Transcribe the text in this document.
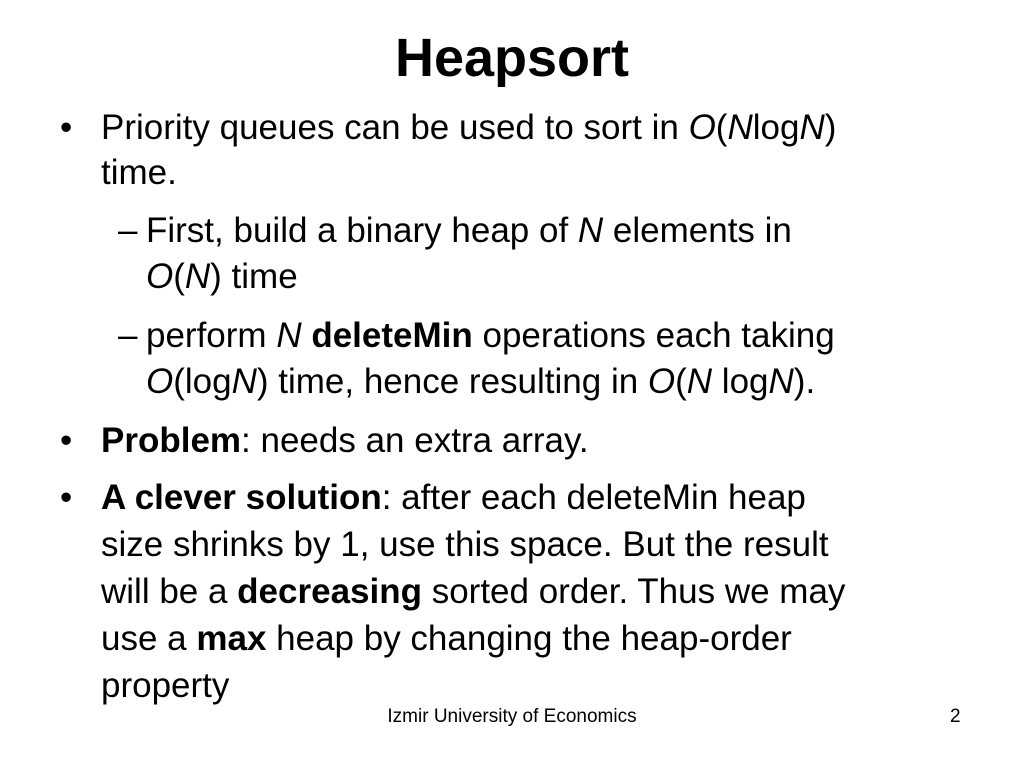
Heapsort
• Priority queues can be used to sort in O(NlogN)
time.
– First, build a binary heap of N elements in
O(N) time
– perform N deleteMin operations each taking
O(logN) time, hence resulting in O(N logN).
• Problem: needs an extra array.
• A clever solution: after each deleteMin heap
size shrinks by 1, use this space. But the result
will be a decreasing sorted order. Thus we may
use a max heap by changing the heap-order
property
Izmir University of Economics	2
